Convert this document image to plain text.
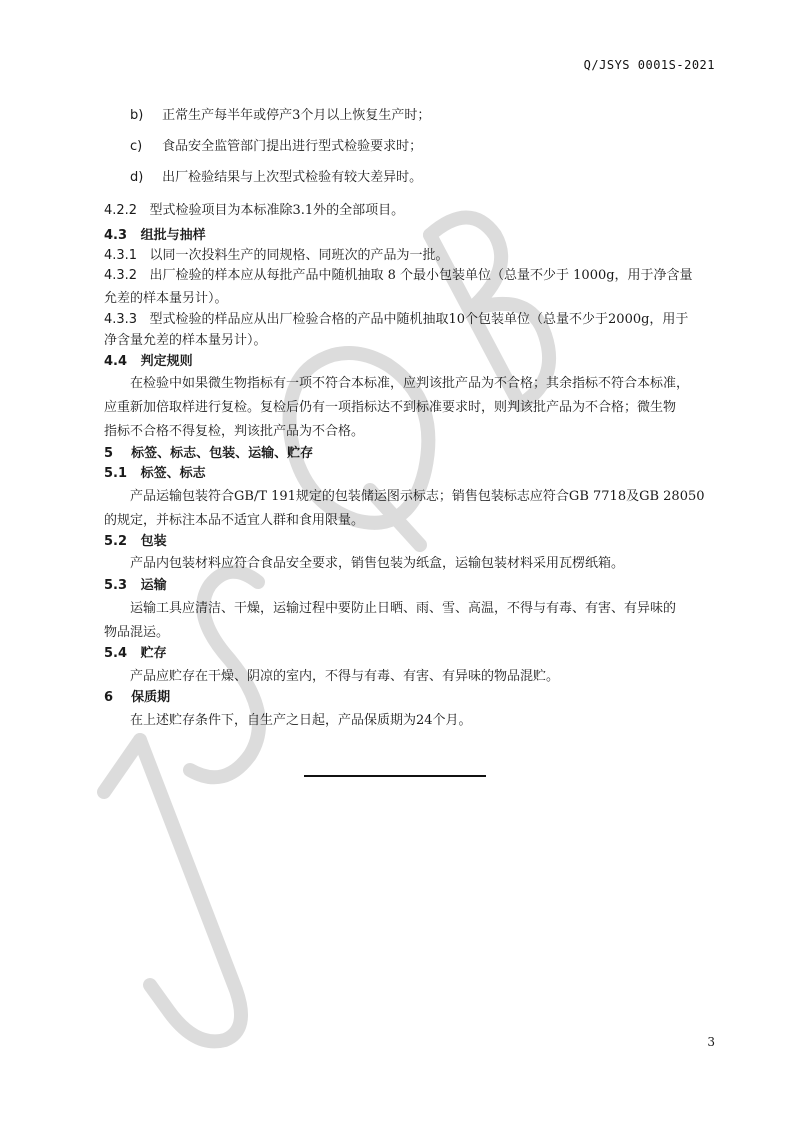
Q/JSYS 0001S-2021
b) 正常生产每半年或停产3个月以上恢复生产时；
c) 食品安全监管部门提出进行型式检验要求时；
d) 出厂检验结果与上次型式检验有较大差异时。
4.2.2 型式检验项目为本标准除3.1外的全部项目。
4.3 组批与抽样
4.3.1 以同一次投料生产的同规格、同班次的产品为一批。
4.3.2 出厂检验的样本应从每批产品中随机抽取 8 个最小包装单位（总量不少于 1000g，用于净含量
允差的样本量另计）。
4.3.3 型式检验的样品应从出厂检验合格的产品中随机抽取10个包装单位（总量不少于2000g，用于
净含量允差的样本量另计）。
4.4 判定规则
在检验中如果微生物指标有一项不符合本标准，应判该批产品为不合格；其余指标不符合本标准，
应重新加倍取样进行复检。复检后仍有一项指标达不到标准要求时，则判该批产品为不合格；微生物
指标不合格不得复检，判该批产品为不合格。
5 标签、标志、包装、运输、贮存
5.1 标签、标志
产品运输包装符合GB/T 191规定的包装储运图示标志；销售包装标志应符合GB 7718及GB 28050
的规定，并标注本品不适宜人群和食用限量。
5.2 包装
产品内包装材料应符合食品安全要求，销售包装为纸盒，运输包装材料采用瓦楞纸箱。
5.3 运输
运输工具应清洁、干燥，运输过程中要防止日晒、雨、雪、高温，不得与有毒、有害、有异味的
物品混运。
5.4 贮存
产品应贮存在干燥、阴凉的室内，不得与有毒、有害、有异味的物品混贮。
6 保质期
在上述贮存条件下，自生产之日起，产品保质期为24个月。
3
